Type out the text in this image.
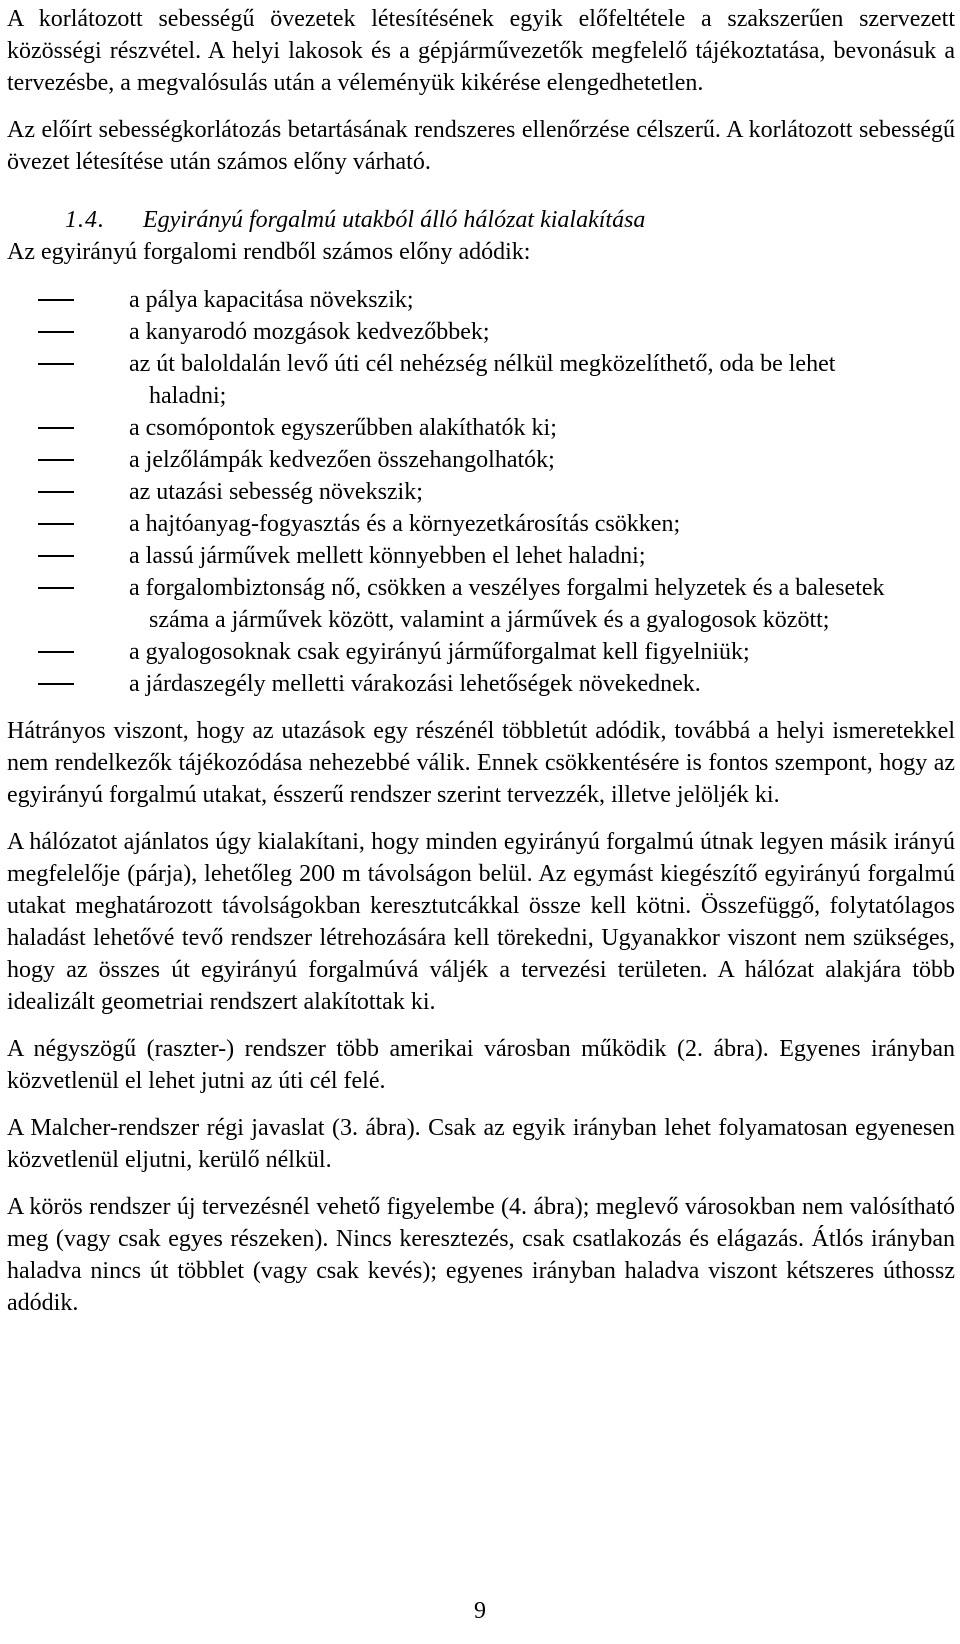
A korlátozott sebességű övezetek létesítésének egyik előfeltétele a szakszerűen szervezett közösségi részvétel. A helyi lakosok és a gépjárművezetők megfelelő tájékoztatása, bevonásuk a tervezésbe, a megvalósulás után a véleményük kikérése elengedhetetlen.

Az előírt sebességkorlátozás betartásának rendszeres ellenőrzése célszerű. A korlátozott sebességű övezet létesítése után számos előny várható.

1.4.	Egyirányú forgalmú utakból álló hálózat kialakítása

Az egyirányú forgalomi rendből számos előny adódik:

a pálya kapacitása növekszik;
a kanyarodó mozgások kedvezőbbek;
az út baloldalán levő úti cél nehézség nélkül megközelíthető, oda be lehet haladni;
a csomópontok egyszerűbben alakíthatók ki;
a jelzőlámpák kedvezően összehangolhatók;
az utazási sebesség növekszik;
a hajtóanyag-fogyasztás és a környezetkárosítás csökken;
a lassú járművek mellett könnyebben el lehet haladni;
a forgalombiztonság nő, csökken a veszélyes forgalmi helyzetek és a balesetek száma a járművek között, valamint a járművek és a gyalogosok között;
a gyalogosoknak csak egyirányú járműforgalmat kell figyelniük;
a járdaszegély melletti várakozási lehetőségek növekednek.

Hátrányos viszont, hogy az utazások egy részénél többletút adódik, továbbá a helyi ismeretekkel nem rendelkezők tájékozódása nehezebbé válik. Ennek csökkentésére is fontos szempont, hogy az egyirányú forgalmú utakat, ésszerű rendszer szerint tervezzék, illetve jelöljék ki.

A hálózatot ajánlatos úgy kialakítani, hogy minden egyirányú forgalmú útnak legyen másik irányú megfelelője (párja), lehetőleg 200 m távolságon belül. Az egymást kiegészítő egyirányú forgalmú utakat meghatározott távolságokban keresztutcákkal össze kell kötni. Összefüggő, folytatólagos haladást lehetővé tevő rendszer létrehozására kell törekedni, Ugyanakkor viszont nem szükséges, hogy az összes út egyirányú forgalmúvá váljék a tervezési területen. A hálózat alakjára több idealizált geometriai rendszert alakítottak ki.

A négyszögű (raszter-) rendszer több amerikai városban működik (2. ábra). Egyenes irányban közvetlenül el lehet jutni az úti cél felé.

A Malcher-rendszer régi javaslat (3. ábra). Csak az egyik irányban lehet folyamatosan egyenesen közvetlenül eljutni, kerülő nélkül.

A körös rendszer új tervezésnél vehető figyelembe (4. ábra); meglevő városokban nem valósítható meg (vagy csak egyes részeken). Nincs keresztezés, csak csatlakozás és elágazás. Átlós irányban haladva nincs út többlet (vagy csak kevés); egyenes irányban haladva viszont kétszeres úthossz adódik.

9
